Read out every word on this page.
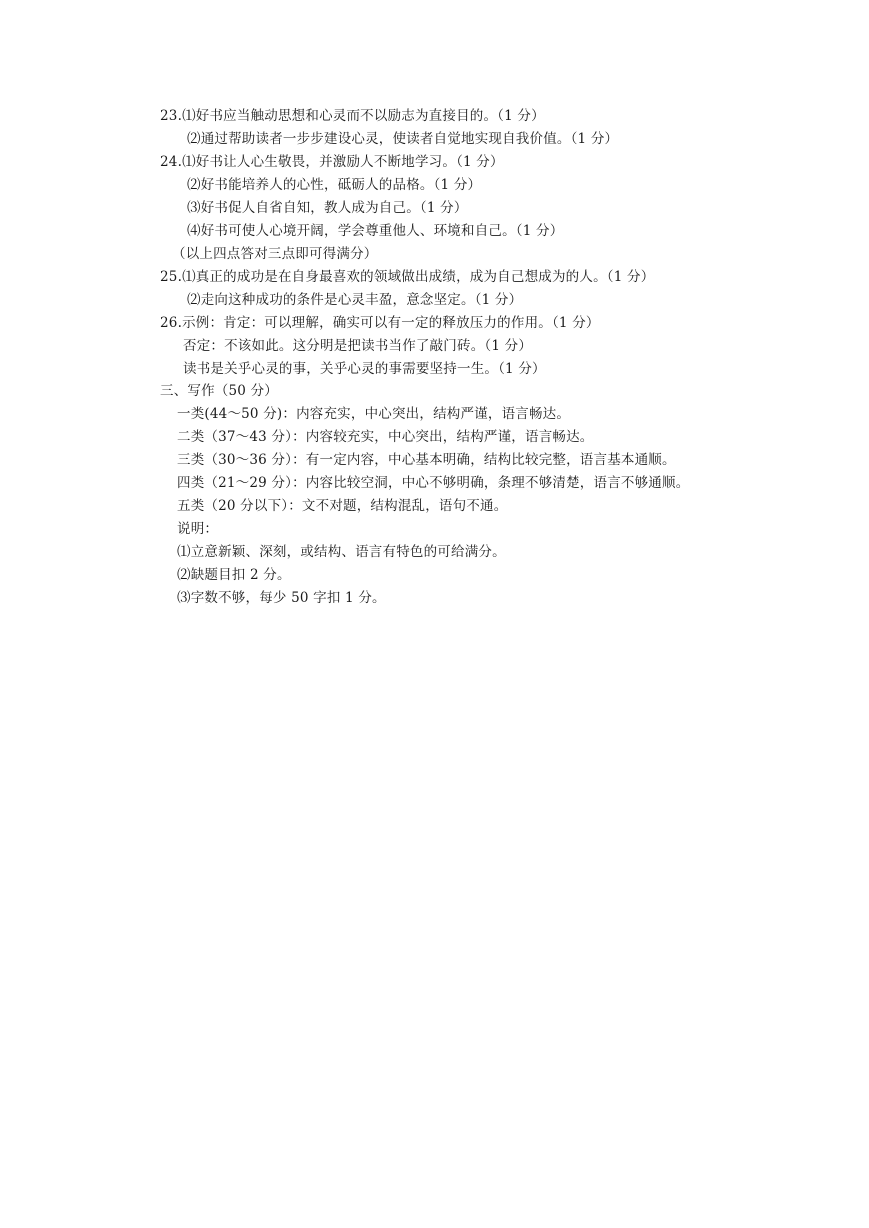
23.⑴好书应当触动思想和心灵而不以励志为直接目的。（1 分）
⑵通过帮助读者一步步建设心灵，使读者自觉地实现自我价值。（1 分）
24.⑴好书让人心生敬畏，并激励人不断地学习。（1 分）
⑵好书能培养人的心性，砥砺人的品格。（1 分）
⑶好书促人自省自知，教人成为自己。（1 分）
⑷好书可使人心境开阔，学会尊重他人、环境和自己。（1 分）
（以上四点答对三点即可得满分）
25.⑴真正的成功是在自身最喜欢的领域做出成绩，成为自己想成为的人。（1 分）
⑵走向这种成功的条件是心灵丰盈，意念坚定。（1 分）
26.示例：肯定：可以理解，确实可以有一定的释放压力的作用。（1 分）
否定：不该如此。这分明是把读书当作了敲门砖。（1 分）
读书是关乎心灵的事，关乎心灵的事需要坚持一生。（1 分）
三、写作（50 分）
一类(44～50 分)：内容充实，中心突出，结构严谨，语言畅达。
二类（37～43 分）：内容较充实，中心突出，结构严谨，语言畅达。
三类（30～36 分）：有一定内容，中心基本明确，结构比较完整，语言基本通顺。
四类（21～29 分）：内容比较空洞，中心不够明确，条理不够清楚，语言不够通顺。
五类（20 分以下）：文不对题，结构混乱，语句不通。
说明：
⑴立意新颖、深刻，或结构、语言有特色的可给满分。
⑵缺题目扣 2 分。
⑶字数不够，每少 50 字扣 1 分。
